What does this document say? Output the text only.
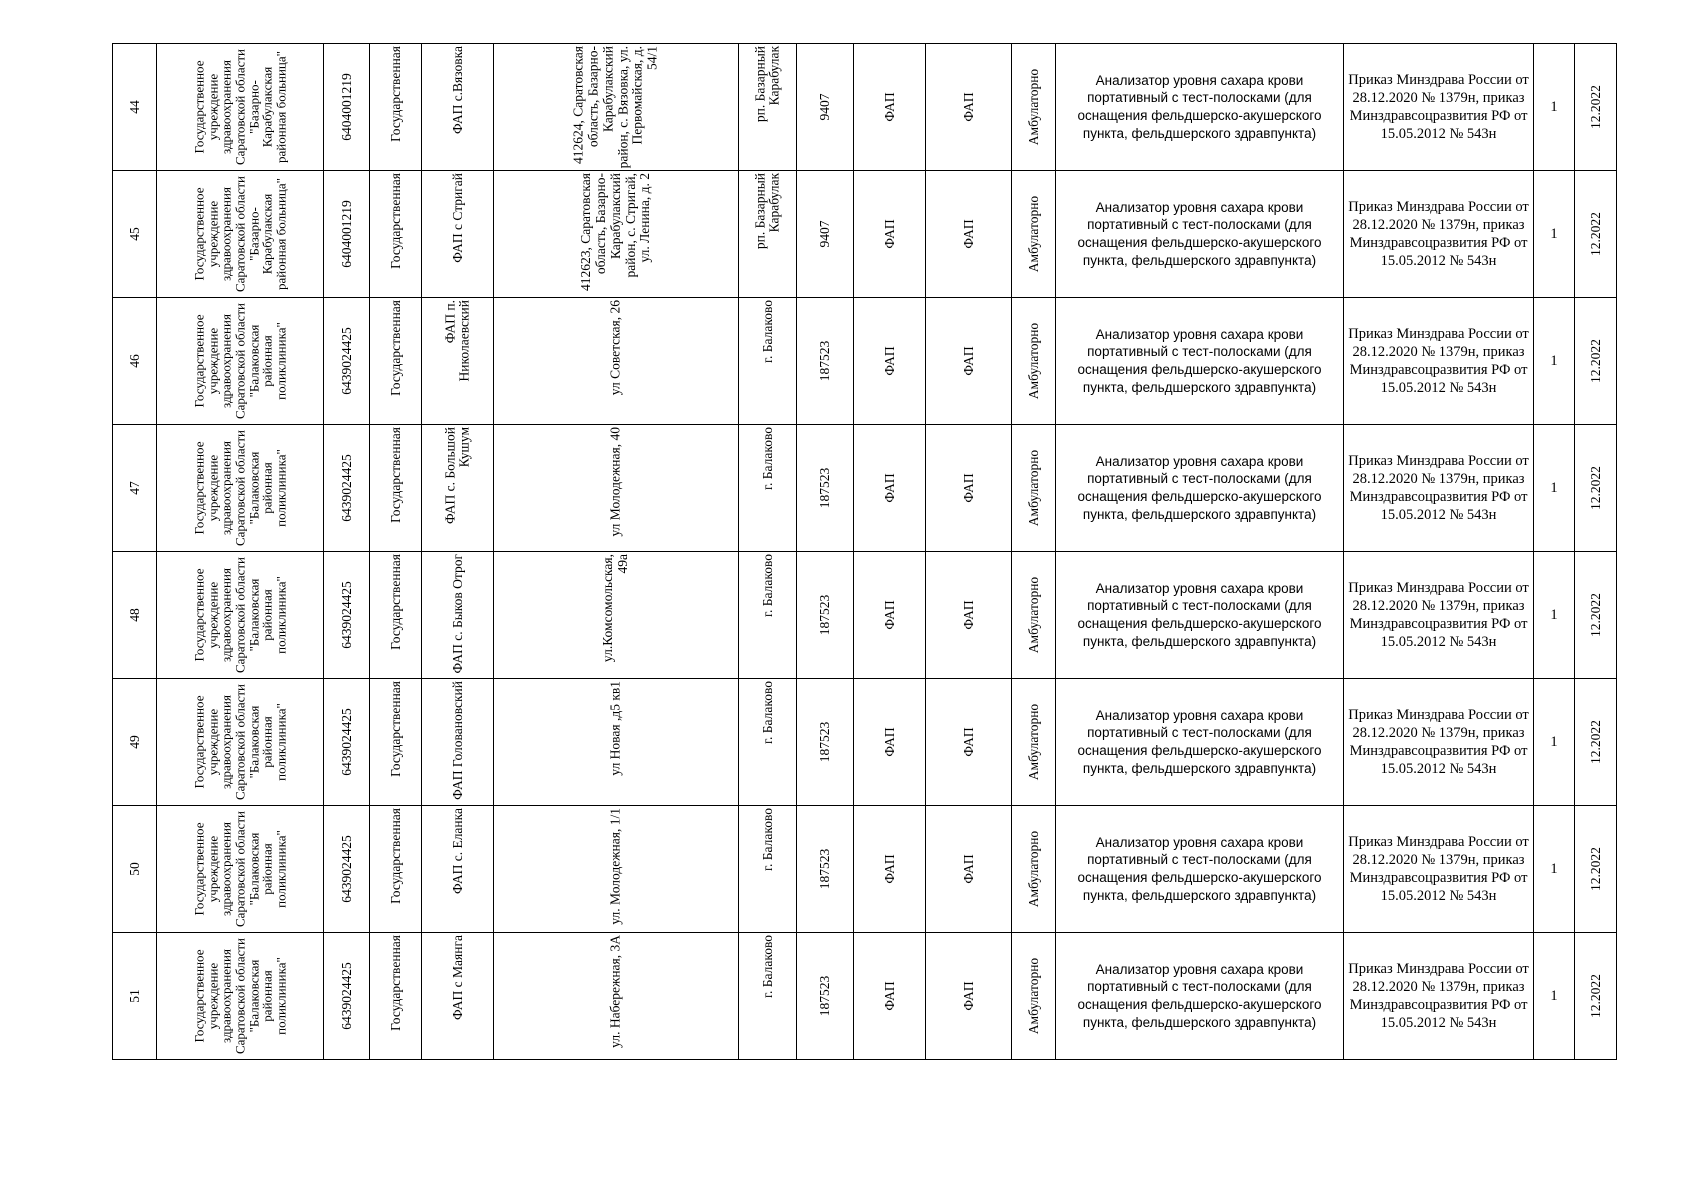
44	Государственное учреждение здравоохранения Саратовской области "Базарно-Карабулакская районная больница"	6404001219	Государственная	ФАП с.Вязовка	412624, Саратовская область, Базарно-Карабулакский район, с. Вязовка, ул. Первомайская, д. 54/1	рп. Базарный Карабулак	9407	ФАП	ФАП	Амбулаторно	Анализатор уровня сахара крови портативный с тест-полосками (для оснащения фельдшерско-акушерского пункта, фельдшерского здравпункта)	Приказ Минздрава России от 28.12.2020 № 1379н, приказ Минздравсоцразвития РФ от 15.05.2012 № 543н	1	12.2022

45	Государственное учреждение здравоохранения Саратовской области "Базарно-Карабулакская районная больница"	6404001219	Государственная	ФАП с Стригай	412623, Саратовская область, Базарно-Карабулакский район, с. Стригай, ул. Ленина, д. 2	рп. Базарный Карабулак	9407	ФАП	ФАП	Амбулаторно	Анализатор уровня сахара крови портативный с тест-полосками (для оснащения фельдшерско-акушерского пункта, фельдшерского здравпункта)	Приказ Минздрава России от 28.12.2020 № 1379н, приказ Минздравсоцразвития РФ от 15.05.2012 № 543н	1	12.2022

46	Государственное учреждение здравоохранения Саратовской области "Балаковская районная поликлиника"	6439024425	Государственная	ФАП п. Николаевский	ул Советская, 26	г. Балаково	187523	ФАП	ФАП	Амбулаторно	Анализатор уровня сахара крови портативный с тест-полосками (для оснащения фельдшерско-акушерского пункта, фельдшерского здравпункта)	Приказ Минздрава России от 28.12.2020 № 1379н, приказ Минздравсоцразвития РФ от 15.05.2012 № 543н	1	12.2022

47	Государственное учреждение здравоохранения Саратовской области "Балаковская районная поликлиника"	6439024425	Государственная	ФАП с. Большой Кушум	ул Молодежная, 40	г. Балаково	187523	ФАП	ФАП	Амбулаторно	Анализатор уровня сахара крови портативный с тест-полосками (для оснащения фельдшерско-акушерского пункта, фельдшерского здравпункта)	Приказ Минздрава России от 28.12.2020 № 1379н, приказ Минздравсоцразвития РФ от 15.05.2012 № 543н	1	12.2022

48	Государственное учреждение здравоохранения Саратовской области "Балаковская районная поликлиника"	6439024425	Государственная	ФАП с. Быков Отрог	ул.Комсомольская, 49а	г. Балаково	187523	ФАП	ФАП	Амбулаторно	Анализатор уровня сахара крови портативный с тест-полосками (для оснащения фельдшерско-акушерского пункта, фельдшерского здравпункта)	Приказ Минздрава России от 28.12.2020 № 1379н, приказ Минздравсоцразвития РФ от 15.05.2012 № 543н	1	12.2022

49	Государственное учреждение здравоохранения Саратовской области "Балаковская районная поликлиника"	6439024425	Государственная	ФАП Головановский	ул Новая ,д5 кв1	г. Балаково	187523	ФАП	ФАП	Амбулаторно	Анализатор уровня сахара крови портативный с тест-полосками (для оснащения фельдшерско-акушерского пункта, фельдшерского здравпункта)	Приказ Минздрава России от 28.12.2020 № 1379н, приказ Минздравсоцразвития РФ от 15.05.2012 № 543н	1	12.2022

50	Государственное учреждение здравоохранения Саратовской области "Балаковская районная поликлиника"	6439024425	Государственная	ФАП с. Еланка	ул. Молодежная, 1/1	г. Балаково	187523	ФАП	ФАП	Амбулаторно	Анализатор уровня сахара крови портативный с тест-полосками (для оснащения фельдшерско-акушерского пункта, фельдшерского здравпункта)	Приказ Минздрава России от 28.12.2020 № 1379н, приказ Минздравсоцразвития РФ от 15.05.2012 № 543н	1	12.2022

51	Государственное учреждение здравоохранения Саратовской области "Балаковская районная поликлиника"	6439024425	Государственная	ФАП с Маянга	ул. Набережная, 3А	г. Балаково	187523	ФАП	ФАП	Амбулаторно	Анализатор уровня сахара крови портативный с тест-полосками (для оснащения фельдшерско-акушерского пункта, фельдшерского здравпункта)	Приказ Минздрава России от 28.12.2020 № 1379н, приказ Минздравсоцразвития РФ от 15.05.2012 № 543н	1	12.2022
